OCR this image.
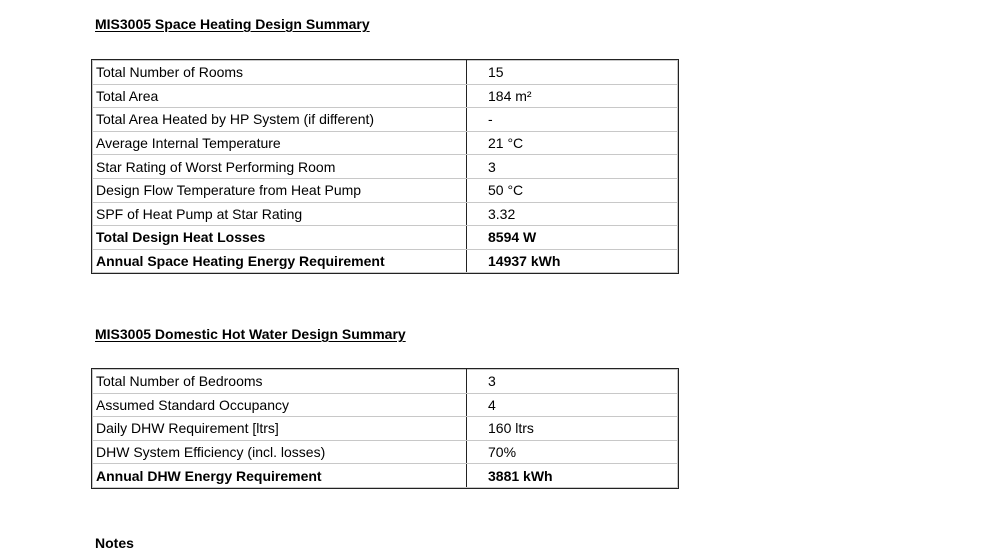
MIS3005 Space Heating Design Summary
Total Number of Rooms	15
Total Area	184 m²
Total Area Heated by HP System (if different)	-
Average Internal Temperature	21 °C
Star Rating of Worst Performing Room	3
Design Flow Temperature from Heat Pump	50 °C
SPF of Heat Pump at Star Rating	3.32
Total Design Heat Losses	8594 W
Annual Space Heating Energy Requirement	14937 kWh
MIS3005 Domestic Hot Water Design Summary
Total Number of Bedrooms	3
Assumed Standard Occupancy	4
Daily DHW Requirement [ltrs]	160 ltrs
DHW System Efficiency (incl. losses)	70%
Annual DHW Energy Requirement	3881 kWh
Notes
